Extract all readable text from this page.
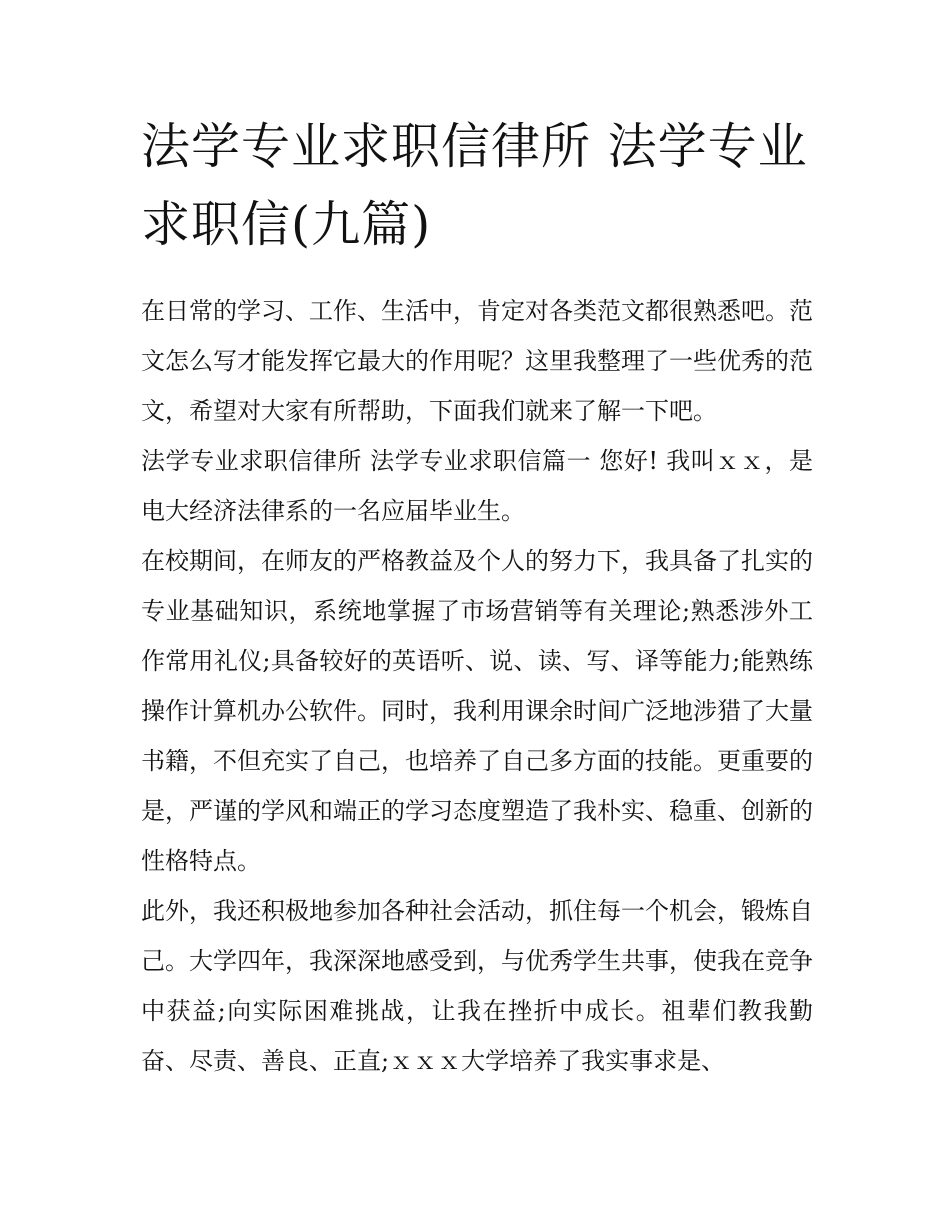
法学专业求职信律所 法学专业求职信(九篇)

在日常的学习、工作、生活中，肯定对各类范文都很熟悉吧。范文怎么写才能发挥它最大的作用呢？这里我整理了一些优秀的范文，希望对大家有所帮助，下面我们就来了解一下吧。

法学专业求职信律所 法学专业求职信篇一 您好! 我叫ｘｘ，是电大经济法律系的一名应届毕业生。

在校期间，在师友的严格教益及个人的努力下，我具备了扎实的专业基础知识，系统地掌握了市场营销等有关理论;熟悉涉外工作常用礼仪;具备较好的英语听、说、读、写、译等能力;能熟练操作计算机办公软件。同时，我利用课余时间广泛地涉猎了大量书籍，不但充实了自己，也培养了自己多方面的技能。更重要的是，严谨的学风和端正的学习态度塑造了我朴实、稳重、创新的性格特点。

此外，我还积极地参加各种社会活动，抓住每一个机会，锻炼自己。大学四年，我深深地感受到，与优秀学生共事，使我在竞争中获益;向实际困难挑战，让我在挫折中成长。祖辈们教我勤奋、尽责、善良、正直;ｘｘｘ大学培养了我实事求是、
